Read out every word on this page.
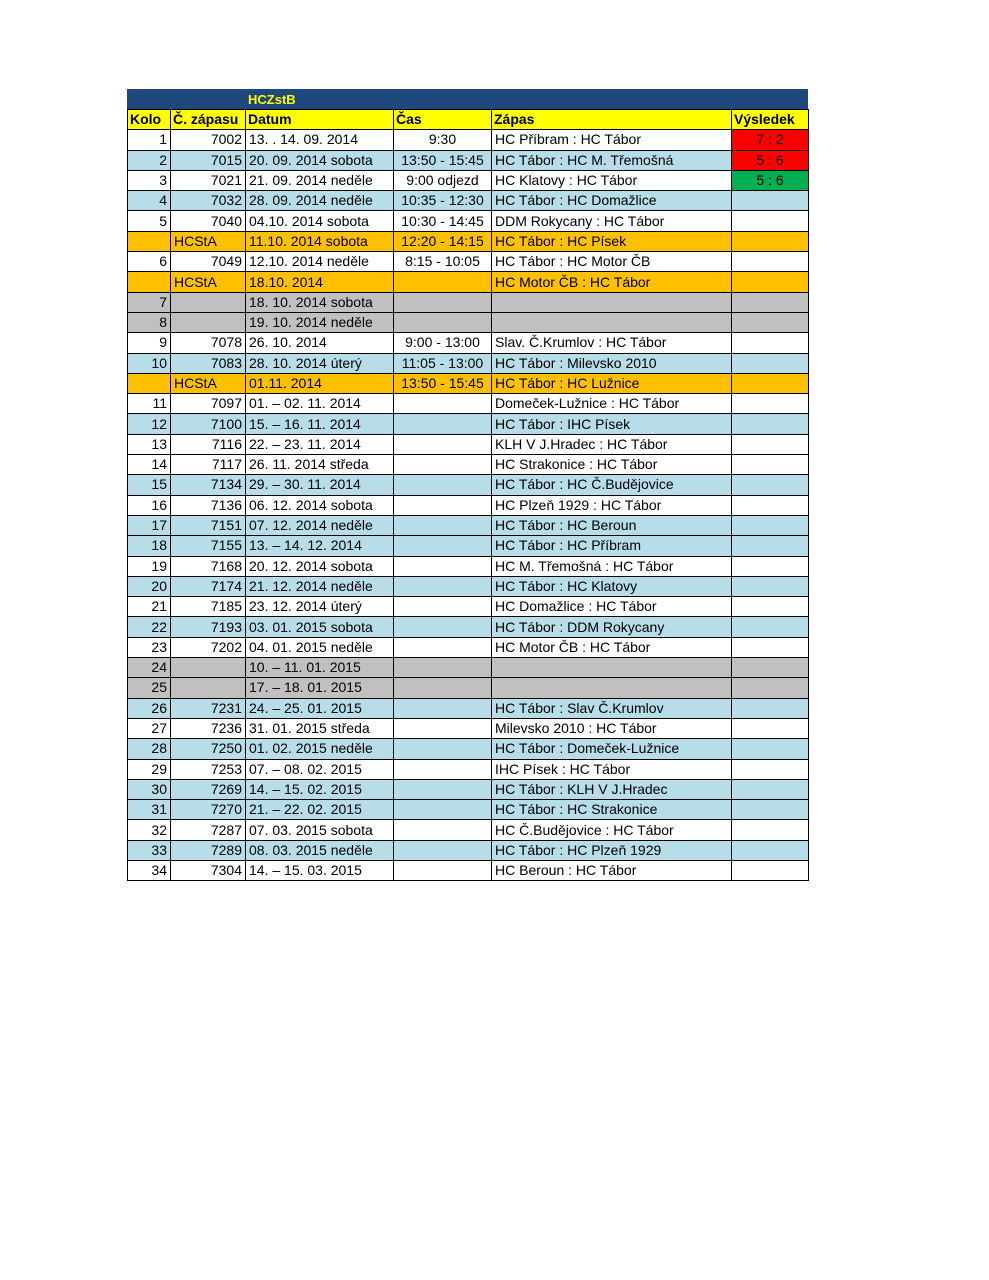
HCZstB
Kolo	Č. zápasu	Datum	Čas	Zápas	Výsledek
1	7002	13. . 14. 09. 2014	9:30	HC Příbram : HC Tábor	7 : 2
2	7015	20. 09. 2014 sobota	13:50 - 15:45	HC Tábor : HC M. Třemošná	5 : 6
3	7021	21. 09. 2014 neděle	9:00 odjezd	HC Klatovy : HC Tábor	5 : 6
4	7032	28. 09. 2014 neděle	10:35 - 12:30	HC Tábor : HC Domažlice	
5	7040	04.10. 2014 sobota	10:30 - 14:45	DDM Rokycany : HC Tábor	
	HCStA	11.10. 2014 sobota	12:20 - 14:15	HC Tábor : HC Písek	
6	7049	12.10. 2014 neděle	8:15 - 10:05	HC Tábor : HC Motor ČB	
	HCStA	18.10. 2014		HC Motor ČB : HC Tábor	
7		18. 10. 2014 sobota			
8		19. 10. 2014 neděle			
9	7078	26. 10. 2014	9:00 - 13:00	Slav. Č.Krumlov : HC Tábor	
10	7083	28. 10. 2014 úterý	11:05 - 13:00	HC Tábor : Milevsko 2010	
	HCStA	01.11. 2014	13:50 - 15:45	HC Tábor : HC Lužnice	
11	7097	01. – 02. 11. 2014		Domeček-Lužnice : HC Tábor	
12	7100	15. – 16. 11. 2014		HC Tábor : IHC Písek	
13	7116	22. – 23. 11. 2014		KLH V J.Hradec : HC Tábor	
14	7117	26. 11. 2014 středa		HC Strakonice : HC Tábor	
15	7134	29. – 30. 11. 2014		HC Tábor : HC Č.Budějovice	
16	7136	06. 12. 2014 sobota		HC Plzeň 1929 : HC Tábor	
17	7151	07. 12. 2014 neděle		HC Tábor : HC Beroun	
18	7155	13. – 14. 12. 2014		HC Tábor : HC Příbram	
19	7168	20. 12. 2014 sobota		HC M. Třemošná : HC Tábor	
20	7174	21. 12. 2014 neděle		HC Tábor : HC Klatovy	
21	7185	23. 12. 2014 úterý		HC Domažlice : HC Tábor	
22	7193	03. 01. 2015 sobota		HC Tábor : DDM Rokycany	
23	7202	04. 01. 2015 neděle		HC Motor ČB : HC Tábor	
24		10. – 11. 01. 2015			
25		17. – 18. 01. 2015			
26	7231	24. – 25. 01. 2015		HC Tábor : Slav Č.Krumlov	
27	7236	31. 01. 2015 středa		Milevsko 2010 : HC Tábor	
28	7250	01. 02. 2015 neděle		HC Tábor : Domeček-Lužnice	
29	7253	07. – 08. 02. 2015		IHC Písek : HC Tábor	
30	7269	14. – 15. 02. 2015		HC Tábor : KLH V J.Hradec	
31	7270	21. – 22. 02. 2015		HC Tábor : HC Strakonice	
32	7287	07. 03. 2015 sobota		HC Č.Budějovice : HC Tábor	
33	7289	08. 03. 2015 neděle		HC Tábor : HC Plzeň 1929	
34	7304	14. – 15. 03. 2015		HC Beroun : HC Tábor	
